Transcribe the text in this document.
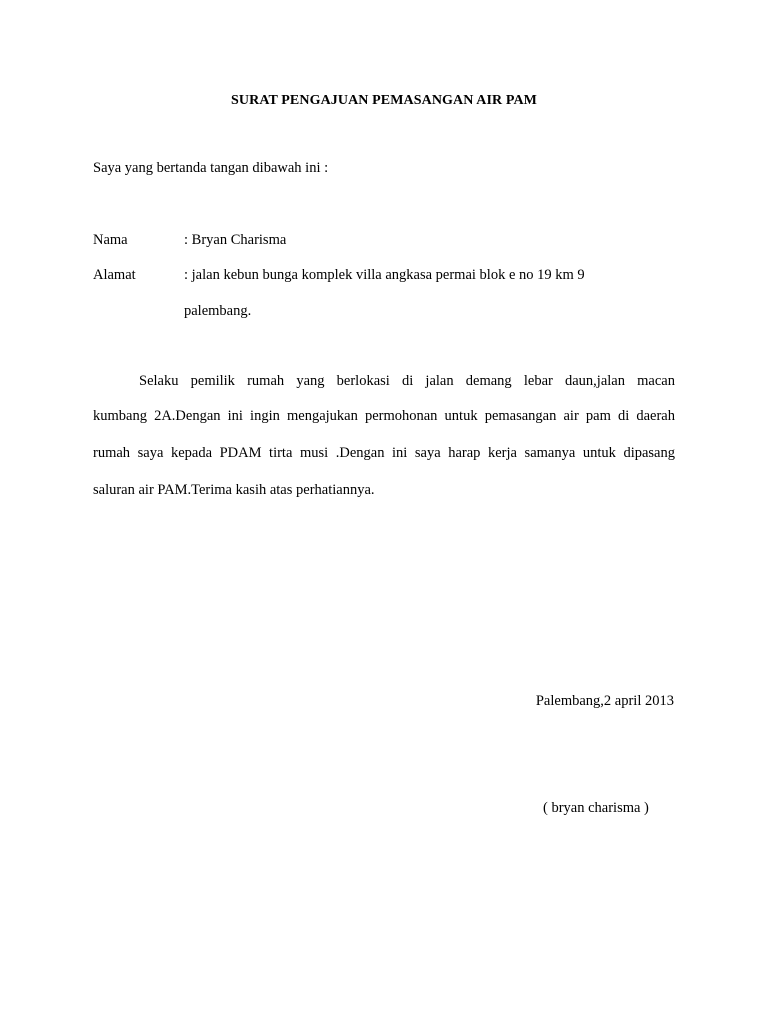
SURAT PENGAJUAN PEMASANGAN AIR PAM
Saya yang bertanda tangan dibawah ini :
Nama	: Bryan Charisma
Alamat	: jalan kebun bunga komplek villa angkasa permai blok e no 19 km 9
palembang.
Selaku pemilik rumah yang berlokasi di jalan demang lebar daun,jalan macan
kumbang 2A.Dengan ini ingin mengajukan permohonan untuk pemasangan air pam di daerah
rumah saya kepada PDAM tirta musi .Dengan ini saya harap kerja samanya untuk dipasang
saluran air PAM.Terima kasih atas perhatiannya.
Palembang,2 april 2013
( bryan charisma )
